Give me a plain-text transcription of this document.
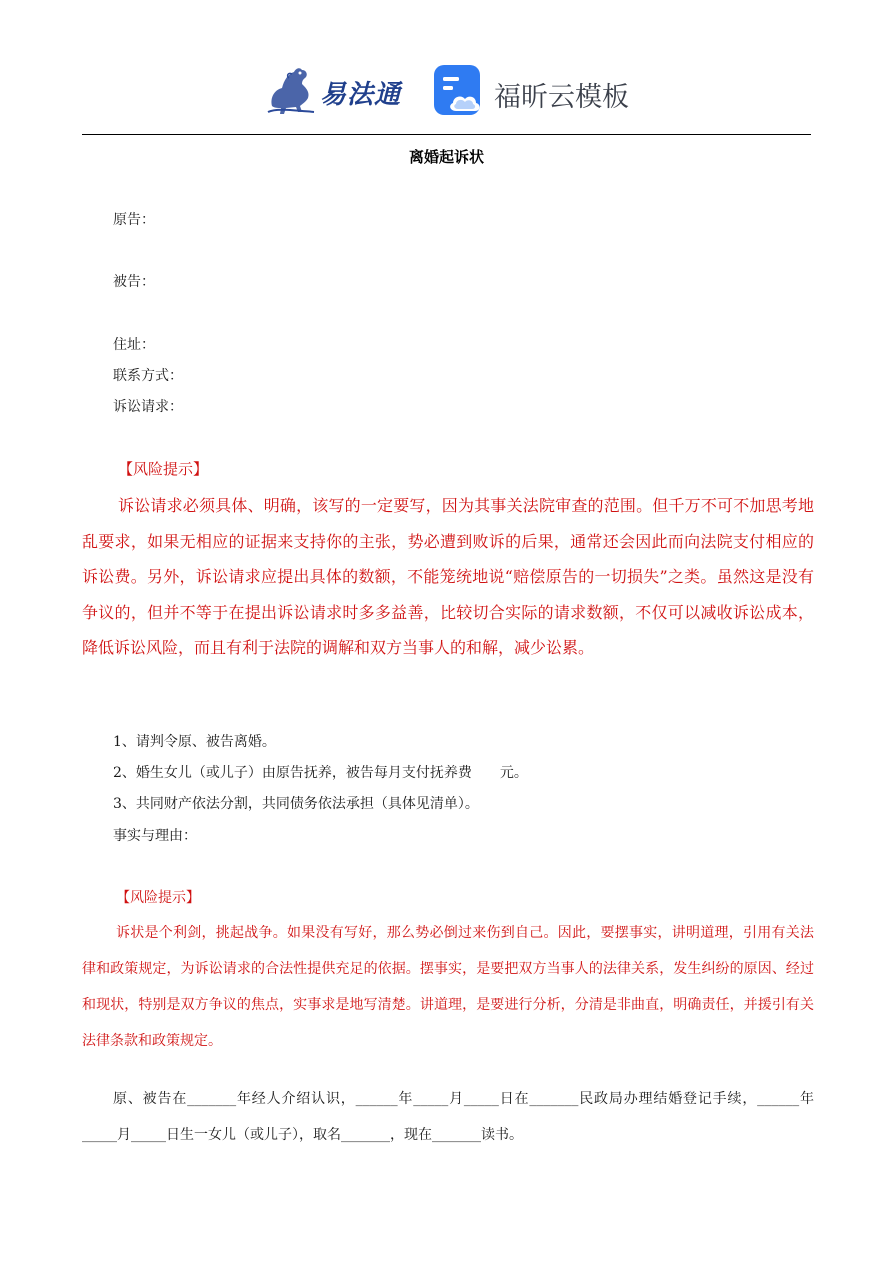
易法通	福昕云模板
离婚起诉状
原告：
被告：
住址：
联系方式：
诉讼请求：
【风险提示】
诉讼请求必须具体、明确，该写的一定要写，因为其事关法院审查的范围。但千万不可不加思考地乱要求，如果无相应的证据来支持你的主张，势必遭到败诉的后果，通常还会因此而向法院支付相应的诉讼费。另外，诉讼请求应提出具体的数额，不能笼统地说“赔偿原告的一切损失”之类。虽然这是没有争议的，但并不等于在提出诉讼请求时多多益善，比较切合实际的请求数额，不仅可以减收诉讼成本，降低诉讼风险，而且有利于法院的调解和双方当事人的和解，减少讼累。
1、请判令原、被告离婚。
2、婚生女儿（或儿子）由原告抚养，被告每月支付抚养费　　元。
3、共同财产依法分割，共同债务依法承担（具体见清单）。
事实与理由：
【风险提示】
诉状是个利剑，挑起战争。如果没有写好，那么势必倒过来伤到自己。因此，要摆事实，讲明道理，引用有关法律和政策规定，为诉讼请求的合法性提供充足的依据。摆事实，是要把双方当事人的法律关系，发生纠纷的原因、经过和现状，特别是双方争议的焦点，实事求是地写清楚。讲道理，是要进行分析，分清是非曲直，明确责任，并援引有关法律条款和政策规定。
原、被告在_______年经人介绍认识，______年_____月_____日在_______民政局办理结婚登记手续，______年_____月_____日生一女儿（或儿子），取名_______，现在_______读书。
